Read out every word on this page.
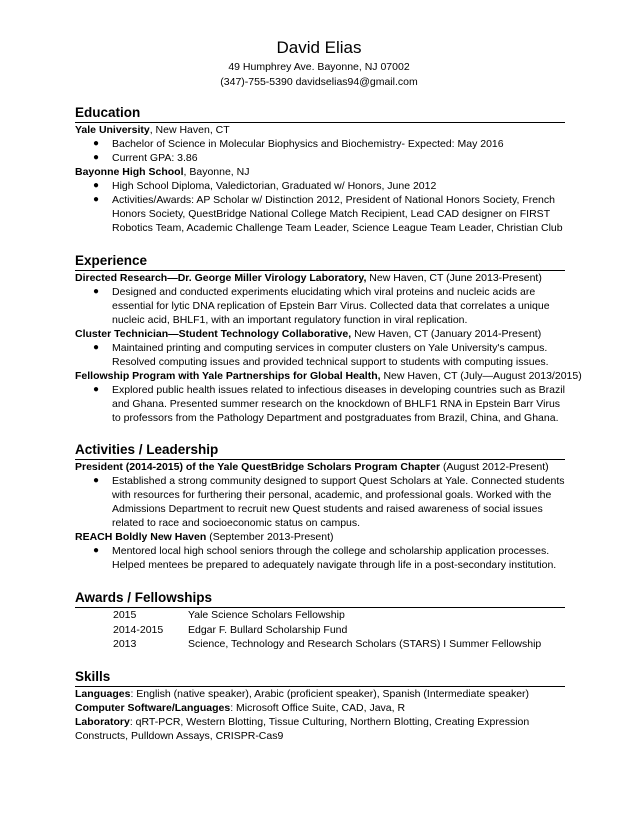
David Elias
49 Humphrey Ave. Bayonne, NJ 07002
(347)-755-5390 davidselias94@gmail.com
Education
Yale University, New Haven, CT
● Bachelor of Science in Molecular Biophysics and Biochemistry- Expected: May 2016
● Current GPA: 3.86
Bayonne High School, Bayonne, NJ
● High School Diploma, Valedictorian, Graduated w/ Honors, June 2012
● Activities/Awards: AP Scholar w/ Distinction 2012, President of National Honors Society, French Honors Society, QuestBridge National College Match Recipient, Lead CAD designer on FIRST Robotics Team, Academic Challenge Team Leader, Science League Team Leader, Christian Club
Experience
Directed Research—Dr. George Miller Virology Laboratory, New Haven, CT (June 2013-Present)
● Designed and conducted experiments elucidating which viral proteins and nucleic acids are essential for lytic DNA replication of Epstein Barr Virus. Collected data that correlates a unique nucleic acid, BHLF1, with an important regulatory function in viral replication.
Cluster Technician—Student Technology Collaborative, New Haven, CT (January 2014-Present)
● Maintained printing and computing services in computer clusters on Yale University's campus. Resolved computing issues and provided technical support to students with computing issues.
Fellowship Program with Yale Partnerships for Global Health, New Haven, CT (July—August 2013/2015)
● Explored public health issues related to infectious diseases in developing countries such as Brazil and Ghana. Presented summer research on the knockdown of BHLF1 RNA in Epstein Barr Virus to professors from the Pathology Department and postgraduates from Brazil, China, and Ghana.
Activities / Leadership
President (2014-2015) of the Yale QuestBridge Scholars Program Chapter (August 2012-Present)
● Established a strong community designed to support Quest Scholars at Yale. Connected students with resources for furthering their personal, academic, and professional goals. Worked with the Admissions Department to recruit new Quest students and raised awareness of social issues related to race and socioeconomic status on campus.
REACH Boldly New Haven (September 2013-Present)
● Mentored local high school seniors through the college and scholarship application processes. Helped mentees be prepared to adequately navigate through life in a post-secondary institution.
Awards / Fellowships
2015	Yale Science Scholars Fellowship
2014-2015	Edgar F. Bullard Scholarship Fund
2013	Science, Technology and Research Scholars (STARS) I Summer Fellowship
Skills
Languages: English (native speaker), Arabic (proficient speaker), Spanish (Intermediate speaker)
Computer Software/Languages: Microsoft Office Suite, CAD, Java, R
Laboratory: qRT-PCR, Western Blotting, Tissue Culturing, Northern Blotting, Creating Expression Constructs, Pulldown Assays, CRISPR-Cas9
